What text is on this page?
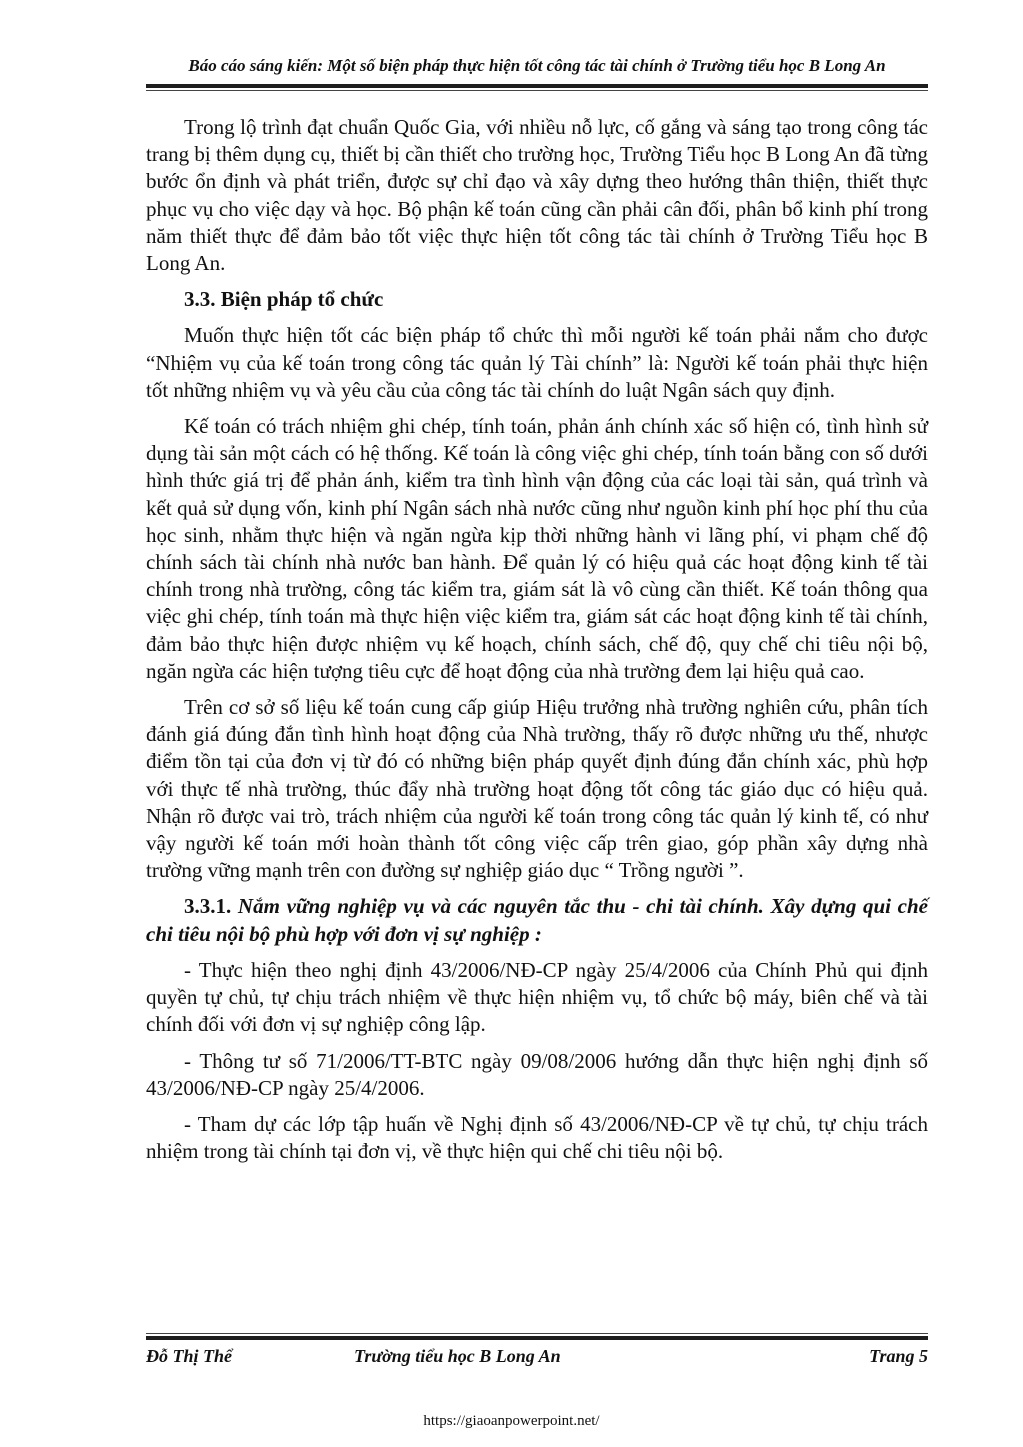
Báo cáo sáng kiến: Một số biện pháp thực hiện tốt công tác tài chính ở Trường tiểu học B Long An

Trong lộ trình đạt chuẩn Quốc Gia, với nhiều nỗ lực, cố gắng và sáng tạo trong công tác trang bị thêm dụng cụ, thiết bị cần thiết cho trường học, Trường Tiểu học B Long An đã từng bước ổn định và phát triển, được sự chỉ đạo và xây dựng theo hướng thân thiện, thiết thực phục vụ cho việc dạy và học. Bộ phận kế toán cũng cần phải cân đối, phân bổ kinh phí trong năm thiết thực để đảm bảo tốt việc thực hiện tốt công tác tài chính ở Trường Tiểu học B Long An.

3.3. Biện pháp tổ chức

Muốn thực hiện tốt các biện pháp tổ chức thì mỗi người kế toán phải nắm cho được “Nhiệm vụ của kế toán trong công tác quản lý Tài chính” là: Người kế toán phải thực hiện tốt những nhiệm vụ và yêu cầu của công tác tài chính do luật Ngân sách quy định.

Kế toán có trách nhiệm ghi chép, tính toán, phản ánh chính xác số hiện có, tình hình sử dụng tài sản một cách có hệ thống. Kế toán là công việc ghi chép, tính toán bằng con số dưới hình thức giá trị để phản ánh, kiểm tra tình hình vận động của các loại tài sản, quá trình và kết quả sử dụng vốn, kinh phí Ngân sách nhà nước cũng như nguồn kinh phí học phí thu của học sinh, nhằm thực hiện và ngăn ngừa kịp thời những hành vi lãng phí, vi phạm chế độ chính sách tài chính nhà nước ban hành. Để quản lý có hiệu quả các hoạt động kinh tế tài chính trong nhà trường, công tác kiểm tra, giám sát là vô cùng cần thiết. Kế toán thông qua việc ghi chép, tính toán mà thực hiện việc kiểm tra, giám sát các hoạt động kinh tế tài chính, đảm bảo thực hiện được nhiệm vụ kế hoạch, chính sách, chế độ, quy chế chi tiêu nội bộ, ngăn ngừa các hiện tượng tiêu cực để hoạt động của nhà trường đem lại hiệu quả cao.

Trên cơ sở số liệu kế toán cung cấp giúp Hiệu trưởng nhà trường nghiên cứu, phân tích đánh giá đúng đắn tình hình hoạt động của Nhà trường, thấy rõ được những ưu thế, nhược điểm tồn tại của đơn vị từ đó có những biện pháp quyết định đúng đắn chính xác, phù hợp với thực tế nhà trường, thúc đẩy nhà trường hoạt động tốt công tác giáo dục có hiệu quả. Nhận rõ được vai trò, trách nhiệm của người kế toán trong công tác quản lý kinh tế, có như vậy người kế toán mới hoàn thành tốt công việc cấp trên giao, góp phần xây dựng nhà trường vững mạnh trên con đường sự nghiệp giáo dục “ Trồng người ”.

3.3.1. Nắm vững nghiệp vụ và các nguyên tắc thu - chi tài chính. Xây dựng qui chế chi tiêu nội bộ phù hợp với đơn vị sự nghiệp :

- Thực hiện theo nghị định 43/2006/NĐ-CP ngày 25/4/2006 của Chính Phủ qui định quyền tự chủ, tự chịu trách nhiệm về thực hiện nhiệm vụ, tổ chức bộ máy, biên chế và tài chính đối với đơn vị sự nghiệp công lập.

- Thông tư số 71/2006/TT-BTC ngày 09/08/2006 hướng dẫn thực hiện nghị định số 43/2006/NĐ-CP ngày 25/4/2006.

- Tham dự các lớp tập huấn về Nghị định số 43/2006/NĐ-CP về tự chủ, tự chịu trách nhiệm trong tài chính tại đơn vị, về thực hiện qui chế chi tiêu nội bộ.

Đỗ Thị Thể	Trường tiểu học B Long An	Trang 5
https://giaoanpowerpoint.net/
